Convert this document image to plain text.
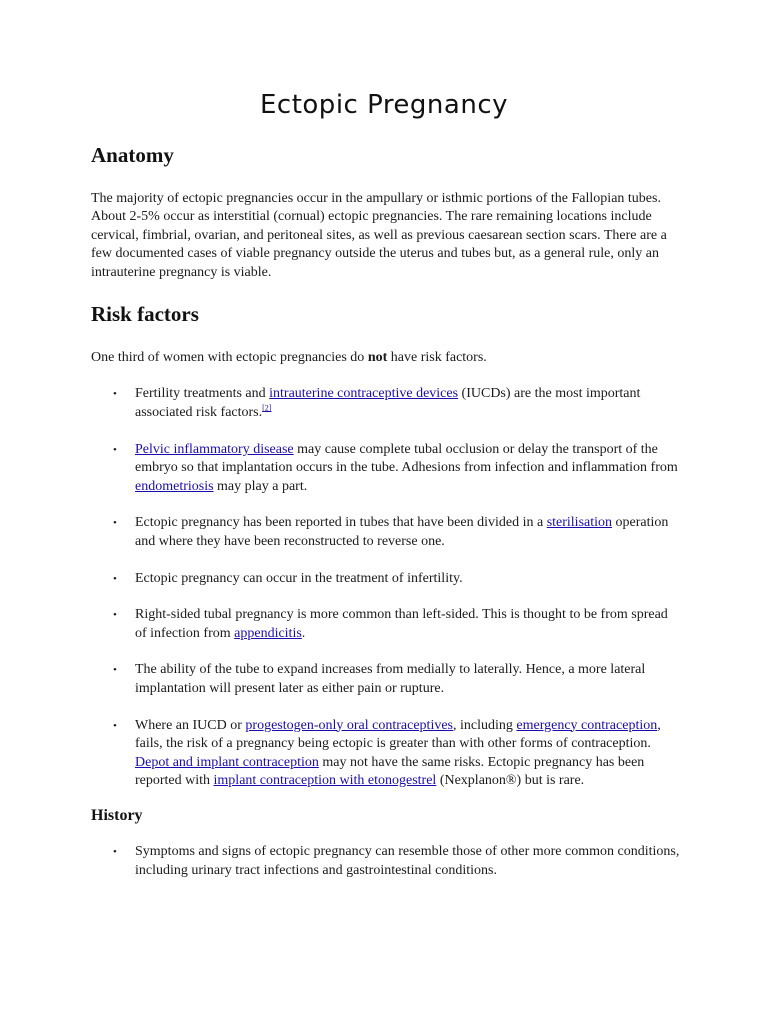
Ectopic Pregnancy
Anatomy

The majority of ectopic pregnancies occur in the ampullary or isthmic portions of the Fallopian tubes. About 2-5% occur as interstitial (cornual) ectopic pregnancies. The rare remaining locations include cervical, fimbrial, ovarian, and peritoneal sites, as well as previous caesarean section scars. There are a few documented cases of viable pregnancy outside the uterus and tubes but, as a general rule, only an intrauterine pregnancy is viable.

Risk factors

One third of women with ectopic pregnancies do not have risk factors.

• Fertility treatments and intrauterine contraceptive devices (IUCDs) are the most important associated risk factors.[2]
• Pelvic inflammatory disease may cause complete tubal occlusion or delay the transport of the embryo so that implantation occurs in the tube. Adhesions from infection and inflammation from endometriosis may play a part.
• Ectopic pregnancy has been reported in tubes that have been divided in a sterilisation operation and where they have been reconstructed to reverse one.
• Ectopic pregnancy can occur in the treatment of infertility.
• Right-sided tubal pregnancy is more common than left-sided. This is thought to be from spread of infection from appendicitis.
• The ability of the tube to expand increases from medially to laterally. Hence, a more lateral implantation will present later as either pain or rupture.
• Where an IUCD or progestogen-only oral contraceptives, including emergency contraception, fails, the risk of a pregnancy being ectopic is greater than with other forms of contraception. Depot and implant contraception may not have the same risks. Ectopic pregnancy has been reported with implant contraception with etonogestrel (Nexplanon®) but is rare.
History
• Symptoms and signs of ectopic pregnancy can resemble those of other more common conditions, including urinary tract infections and gastrointestinal conditions.
